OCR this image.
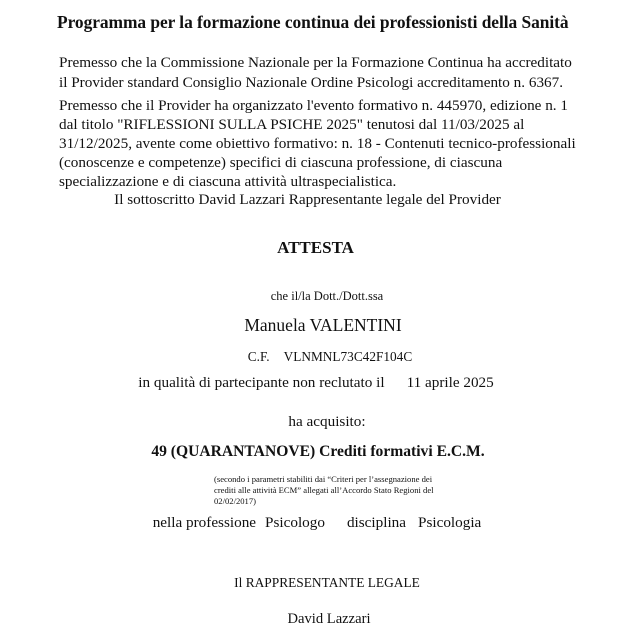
Programma per la formazione continua dei professionisti della Sanità
Premesso che la Commissione Nazionale per la Formazione Continua ha accreditato
il Provider standard Consiglio Nazionale Ordine Psicologi accreditamento n. 6367.
Premesso che il Provider ha organizzato l'evento formativo n. 445970, edizione n. 1
dal titolo "RIFLESSIONI SULLA PSICHE 2025" tenutosi dal 11/03/2025 al
31/12/2025, avente come obiettivo formativo: n. 18 - Contenuti tecnico-professionali
(conoscenze e competenze) specifici di ciascuna professione, di ciascuna
specializzazione e di ciascuna attività ultraspecialistica.
Il sottoscritto David Lazzari Rappresentante legale del Provider
ATTESTA
che il/la Dott./Dott.ssa
Manuela VALENTINI
C.F. VLNMNL73C42F104C
in qualità di partecipante non reclutato il 11 aprile 2025
ha acquisito:
49 (QUARANTANOVE) Crediti formativi E.C.M.
(secondo i parametri stabiliti dai “Criteri per l’assegnazione dei crediti alle attività ECM” allegati all’Accordo Stato Regioni del 02/02/2017)
nella professione Psicologo disciplina Psicologia
Il RAPPRESENTANTE LEGALE
David Lazzari
